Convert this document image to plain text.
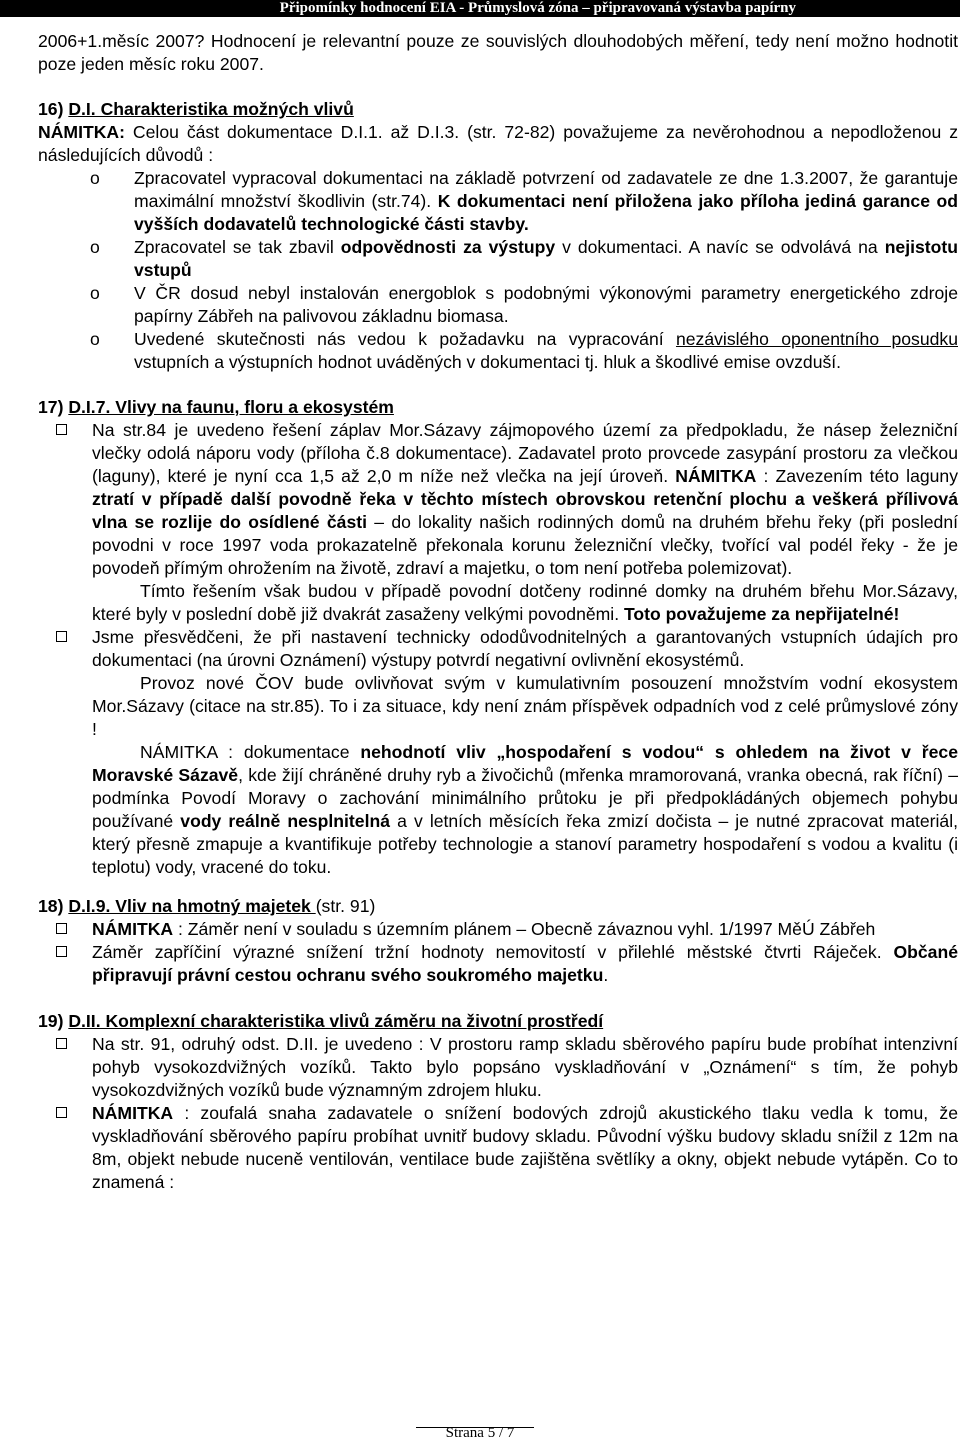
Připomínky hodnocení EIA - Průmyslová zóna – připravovaná výstavba papírny

2006+1.měsíc 2007? Hodnocení je relevantní pouze ze souvislých dlouhodobých měření, tedy není možno hodnotit poze jeden měsíc roku 2007.

16) D.I. Charakteristika možných vlivů

NÁMITKA: Celou část dokumentace D.I.1. až D.I.3. (str. 72-82) považujeme za nevěrohodnou a nepodloženou z následujících důvodů :

o Zpracovatel vypracoval dokumentaci na základě potvrzení od zadavatele ze dne 1.3.2007, že garantuje maximální množství škodlivin (str.74). K dokumentaci není přiložena jako příloha jediná garance od vyšších dodavatelů technologické části stavby.
o Zpracovatel se tak zbavil odpovědnosti za výstupy v dokumentaci. A navíc se odvolává na nejistotu vstupů
o V ČR dosud nebyl instalován energoblok s podobnými výkonovými parametry energetického zdroje papírny Zábřeh na palivovou základnu biomasa.
o Uvedené skutečnosti nás vedou k požadavku na vypracování nezávislého oponentního posudku vstupních a výstupních hodnot uváděných v dokumentaci tj. hluk a škodlivé emise ovzduší.
17) D.I.7. Vlivy na faunu, floru a ekosystém
Na str.84 je uvedeno řešení záplav Mor.Sázavy zájmopového území za předpokladu, že násep železniční vlečky odolá náporu vody (příloha č.8 dokumentace). Zadavatel proto provcede zasypání prostoru za vlečkou (laguny), které je nyní cca 1,5 až 2,0 m níže než vlečka na její úroveň. NÁMITKA : Zavezením této laguny ztratí v případě další povodně řeka v těchto místech obrovskou retenční plochu a veškerá přílivová vlna se rozlije do osídlené části – do lokality našich rodinných domů na druhém břehu řeky (při poslední povodni v roce 1997 voda prokazatelně překonala korunu železniční vlečky, tvořící val podél řeky - že je povodeň přímým ohrožením na životě, zdraví a majetku, o tom není potřeba polemizovat).
Tímto řešením však budou v případě povodní dotčeny rodinné domky na druhém břehu Mor.Sázavy, které byly v poslední době již dvakrát zasaženy velkými povodněmi. Toto považujeme za nepřijatelné!
Jsme přesvědčeni, že při nastavení technicky ododůvodnitelných a garantovaných vstupních údajích pro dokumentaci (na úrovni Oznámení) výstupy potvrdí negativní ovlivnění ekosystémů.
Provoz nové ČOV bude ovlivňovat svým v kumulativním posouzení množstvím vodní ekosystem Mor.Sázavy (citace na str.85). To i za situace, kdy není znám příspěvek odpadních vod z celé průmyslové zóny !
NÁMITKA : dokumentace nehodnotí vliv „hospodaření s vodou“ s ohledem na život v řece Moravské Sázavě, kde žijí chráněné druhy ryb a živočichů (mřenka mramorovaná, vranka obecná, rak říční) – podmínka Povodí Moravy o zachování minimálního průtoku je při předpokládáných objemech pohybu používané vody reálně nesplnitelná a v letních měsících řeka zmizí dočista – je nutné zpracovat materiál, který přesně zmapuje a kvantifikuje potřeby technologie a stanoví parametry hospodaření s vodou a kvalitu (i teplotu) vody, vracené do toku.
18) D.I.9. Vliv na hmotný majetek (str. 91)
NÁMITKA : Záměr není v souladu s územním plánem – Obecně závaznou vyhl. 1/1997 MěÚ Zábřeh
Záměr zapříčiní výrazné snížení tržní hodnoty nemovitostí v přilehlé městské čtvrti Ráječek. Občané připravují právní cestou ochranu svého soukromého majetku.
19) D.II. Komplexní charakteristika vlivů záměru na životní prostředí
Na str. 91, odruhý odst. D.II. je uvedeno : V prostoru ramp skladu sběrového papíru bude probíhat intenzivní pohyb vysokozdvižných vozíků. Takto bylo popsáno vyskladňování v „Oznámení“ s tím, že pohyb vysokozdvižných vozíků bude významným zdrojem hluku.
NÁMITKA : zoufalá snaha zadavatele o snížení bodových zdrojů akustického tlaku vedla k tomu, že vyskladňování sběrového papíru probíhat uvnitř budovy skladu. Původní výšku budovy skladu snížil z 12m na 8m, objekt nebude nuceně ventilován, ventilace bude zajištěna světlíky a okny, objekt nebude vytápěn. Co to znamená :
Strana 5 / 7
